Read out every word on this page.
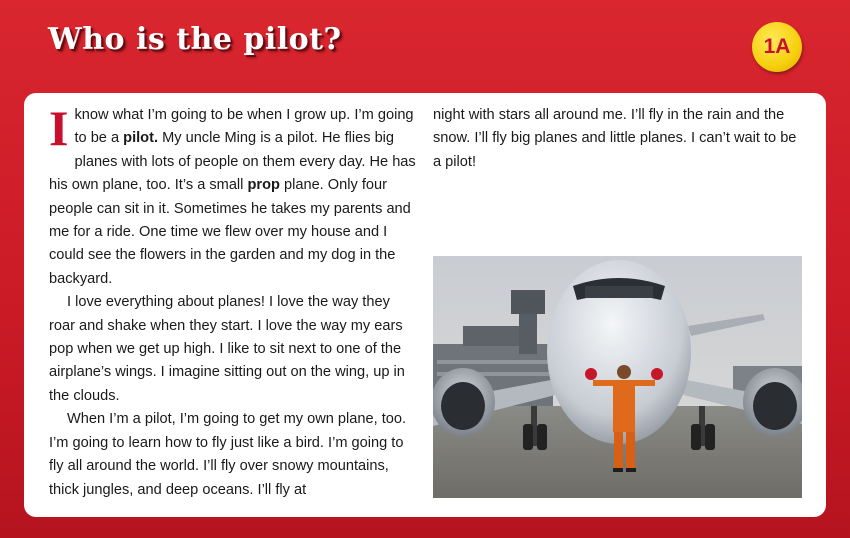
Who is the pilot?	1A

Iknow what I’m going to be when I grow up. I’m going to be a pilot. My uncle Ming is a pilot. He flies big planes with lots of people on them every day. He has his own plane, too. It’s a small prop plane. Only four people can sit in it. Sometimes he takes my parents and me for a ride. One time we flew over my house and I could see the flowers in the garden and my dog in the backyard.

I love everything about planes! I love the way they roar and shake when they start. I love the way my ears pop when we get up high. I like to sit next to one of the airplane’s wings. I imagine sitting out on the wing, up in the clouds.

When I’m a pilot, I’m going to get my own plane, too. I’m going to learn how to fly just like a bird. I’m going to fly all around the world. I’ll fly over snowy mountains, thick jungles, and deep oceans. I’ll fly at

night with stars all around me. I’ll fly in the rain and the snow. I’ll fly big planes and little planes. I can’t wait to be a pilot!
